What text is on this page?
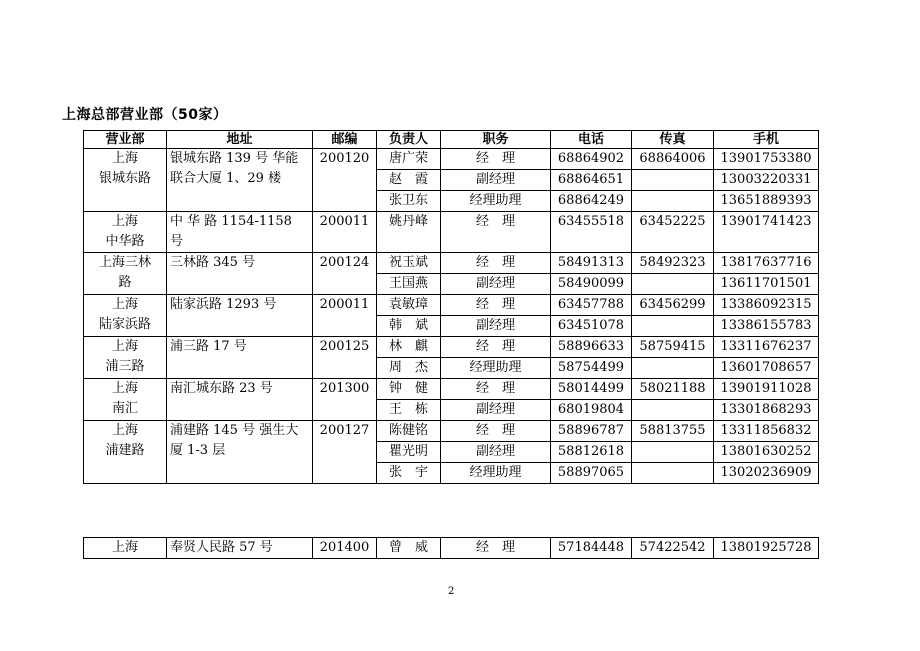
上海总部营业部（50家）
营业部	地址	邮编	负责人	职务	电话	传真	手机

上海
银城东路	银城东路 139 号 华能联合大厦 1、29 楼	200120	唐广荣	经　理	68864902	68864006	13901753380
			赵　霞	副经理	68864651		13003220331
			张卫东	经理助理	68864249		13651889393

上海
中华路	中 华 路 1154-1158 号	200011	姚丹峰	经　理	63455518	63452225	13901741423

上海三林
路	三林路 345 号	200124	祝玉斌	经　理	58491313	58492323	13817637716
			王国燕	副经理	58490099		13611701501

上海
陆家浜路	陆家浜路 1293 号	200011	袁敏璋	经　理	63457788	63456299	13386092315
			韩　斌	副经理	63451078		13386155783

上海
浦三路	浦三路 17 号	200125	林　麒	经　理	58896633	58759415	13311676237
			周　杰	经理助理	58754499		13601708657

上海
南汇	南汇城东路 23 号	201300	钟　健	经　理	58014499	58021188	13901911028
			王　栋	副经理	68019804		13301868293

上海
浦建路	浦建路 145 号 强生大厦 1-3 层	200127	陈健铭	经　理	58896787	58813755	13311856832
			瞿光明	副经理	58812618		13801630252
			张　宇	经理助理	58897065		13020236909
上海	奉贤人民路 57 号	201400	曾　威	经　理	57184448	57422542	13801925728
2
